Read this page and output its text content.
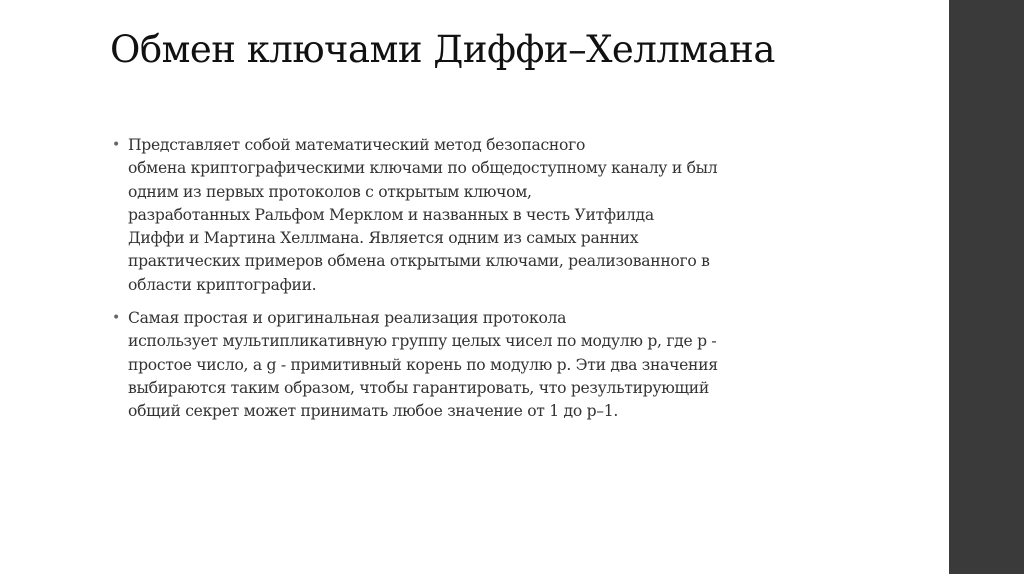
Обмен ключами Диффи–Хеллмана
• Представляет собой математический метод безопасного
обмена криптографическими ключами по общедоступному каналу и был
одним из первых протоколов с открытым ключом,
разработанных Ральфом Мерклом и названных в честь Уитфилда
Диффи и Мартина Хеллмана. Является одним из самых ранних
практических примеров обмена открытыми ключами, реализованного в
области криптографии.
• Самая простая и оригинальная реализация протокола
использует мультипликативную группу целых чисел по модулю p, где p -
простое число, а g - примитивный корень по модулю p. Эти два значения
выбираются таким образом, чтобы гарантировать, что результирующий
общий секрет может принимать любое значение от 1 до p–1.
